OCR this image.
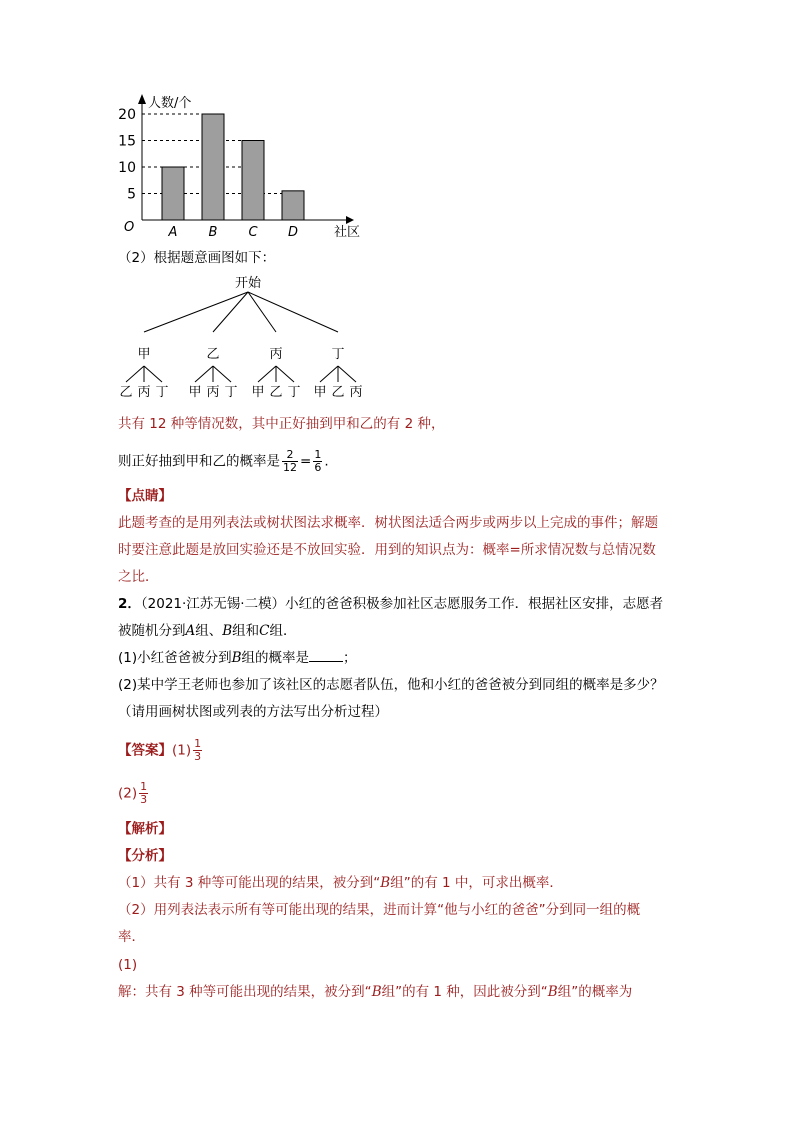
人数/个
社区
O
5
10
15
20
A B C D
（2）根据题意画图如下：
开始
甲
乙 丙 丁
乙
甲 丙 丁
丙
甲 乙 丁
丁
甲 乙 丙
共有 12 种等情况数，其中正好抽到甲和乙的有 2 种，
则正好抽到甲和乙的概率是 $\frac{2}{12} = \frac{1}{6}$ .
【点睛】
此题考查的是用列表法或树状图法求概率．树状图法适合两步或两步以上完成的事件；解题
时要注意此题是放回实验还是不放回实验．用到的知识点为：概率=所求情况数与总情况数
之比．
2．（2021·江苏无锡·二模）小红的爸爸积极参加社区志愿服务工作．根据社区安排，志愿者
被随机分到A组、B组和C组．
(1)小红爸爸被分到B组的概率是	；
(2)某中学王老师也参加了该社区的志愿者队伍，他和小红的爸爸被分到同组的概率是多少？
（请用画树状图或列表的方法写出分析过程）
【答案】$(1) \frac{1}{3}$
$(2) \frac{1}{3}$
【解析】
【分析】
（1）共有 3 种等可能出现的结果，被分到“B组”的有 1 中，可求出概率．
（2）用列表法表示所有等可能出现的结果，进而计算“他与小红的爸爸”分到同一组的概
率．
(1)
解：共有 3 种等可能出现的结果，被分到“B组”的有 1 种，因此被分到“B组”的概率为
